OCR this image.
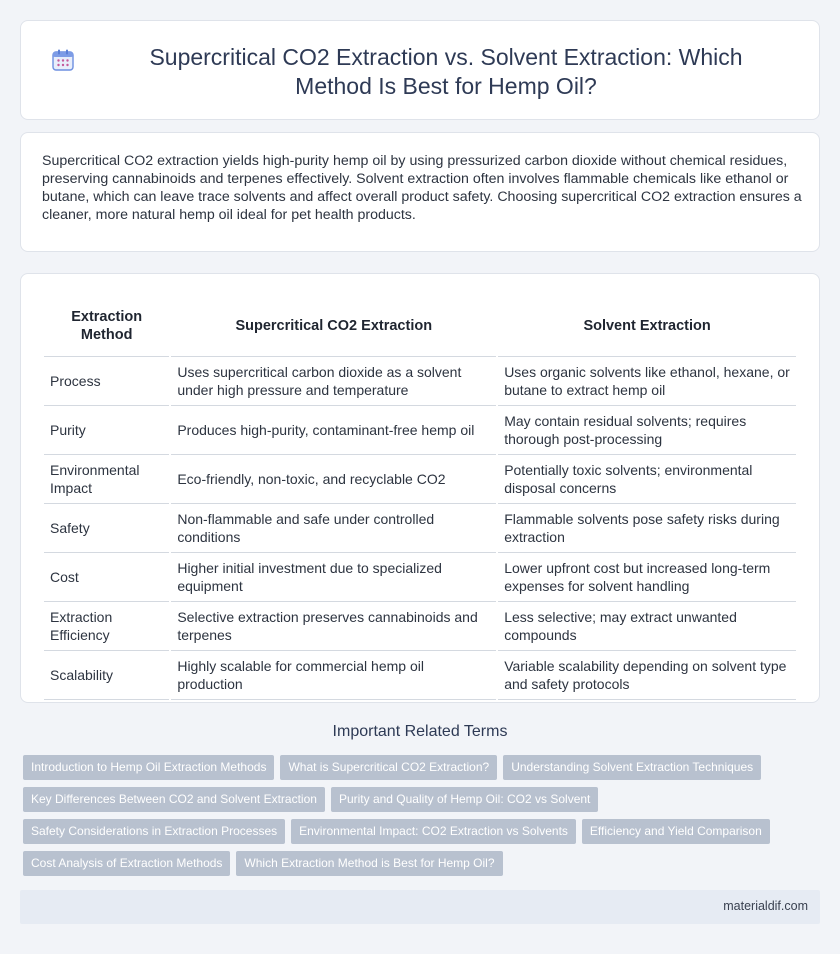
Supercritical CO2 Extraction vs. Solvent Extraction: Which Method Is Best for Hemp Oil?

Supercritical CO2 extraction yields high-purity hemp oil by using pressurized carbon dioxide without chemical residues, preserving cannabinoids and terpenes effectively. Solvent extraction often involves flammable chemicals like ethanol or butane, which can leave trace solvents and affect overall product safety. Choosing supercritical CO2 extraction ensures a cleaner, more natural hemp oil ideal for pet health products.

Extraction Method	Supercritical CO2 Extraction	Solvent Extraction
Process	Uses supercritical carbon dioxide as a solvent under high pressure and temperature	Uses organic solvents like ethanol, hexane, or butane to extract hemp oil
Purity	Produces high-purity, contaminant-free hemp oil	May contain residual solvents; requires thorough post-processing
Environmental Impact	Eco-friendly, non-toxic, and recyclable CO2	Potentially toxic solvents; environmental disposal concerns
Safety	Non-flammable and safe under controlled conditions	Flammable solvents pose safety risks during extraction
Cost	Higher initial investment due to specialized equipment	Lower upfront cost but increased long-term expenses for solvent handling
Extraction Efficiency	Selective extraction preserves cannabinoids and terpenes	Less selective; may extract unwanted compounds
Scalability	Highly scalable for commercial hemp oil production	Variable scalability depending on solvent type and safety protocols
Important Related Terms
Introduction to Hemp Oil Extraction Methods	What is Supercritical CO2 Extraction?	Understanding Solvent Extraction Techniques
Key Differences Between CO2 and Solvent Extraction	Purity and Quality of Hemp Oil: CO2 vs Solvent
Safety Considerations in Extraction Processes	Environmental Impact: CO2 Extraction vs Solvents	Efficiency and Yield Comparison
Cost Analysis of Extraction Methods	Which Extraction Method is Best for Hemp Oil?
materialdif.com
